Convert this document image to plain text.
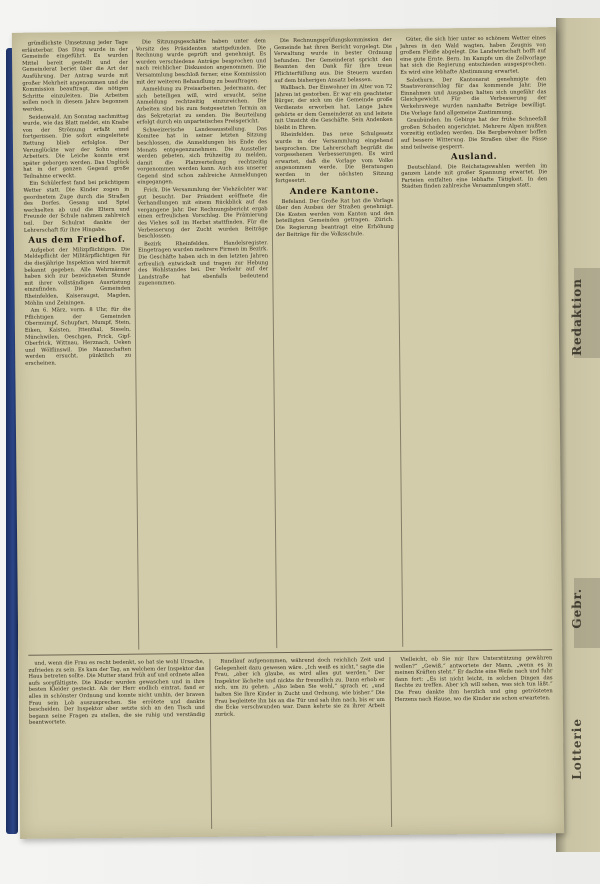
Redaktion
Gebr.
Lotterie

gründlichste Umsetzung jeder Tage erläuterbar. Das Ding wurde in der Gemeinde eingeführt. Es wurden Mittel bereit gestellt und der Gemeinderat beriet über die Art der Ausführung. Der Antrag wurde mit großer Mehrheit angenommen und die Kommission beauftragt, die nötigen Schritte einzuleiten. Die Arbeiten sollen noch in diesem Jahre begonnen werden.

Seidenwald. Am Sonntag nachmittag wurde, wie das Blatt meldet, ein Knabe von der Strömung erfaßt und fortgerissen. Die sofort eingeleitete Rettung blieb erfolglos. Der Verunglückte war der Sohn eines Arbeiters. Die Leiche konnte erst später geborgen werden. Das Unglück hat in der ganzen Gegend große Teilnahme erweckt.

Ein Schülerfest fand bei prächtigem Wetter statt. Die Kinder zogen in geordnetem Zuge durch die Straßen des Dorfes. Gesang und Spiel wechselten ab und die Eltern und Freunde der Schule nahmen zahlreich teil. Der Schulrat dankte der Lehrerschaft für ihre Hingabe.

Aus dem Friedhof.

Aufgebot der Milizpflichtigen. Die Meldepflicht der Militärpflichtigen für die diesjährige Inspektion wird hiermit bekannt gegeben. Alle Wehrmänner haben sich zur bezeichneten Stunde mit ihrer vollständigen Ausrüstung einzufinden. Die Gemeinden Rheinfelden, Kaiseraugst, Magden, Möhlin und Zeiningen.

Am 6. März, vorm. 8 Uhr, für die Pflichtigen der Gemeinden Obermumpf, Schupfart, Mumpf, Stein, Eiken, Kaisten, Ittenthal, Sisseln, Münchwilen, Oeschgen, Frick, Gipf-Oberfrick, Wittnau, Herznach, Ueken und Wölflinswil. Die Mannschaften werden ersucht, pünktlich zu erscheinen.

Die Sitzungsgeschäfte haben unter dem Vorsitz des Präsidenten stattgefunden. Die Rechnung wurde geprüft und genehmigt. Es wurden verschiedene Anträge besprochen und nach reichlicher Diskussion angenommen. Die Versammlung beschloß ferner, eine Kommission mit der weiteren Behandlung zu beauftragen.

Anmeldung zu Preisarbeiten. Jedermann, der sich beteiligen will, wird ersucht, seine Anmeldung rechtzeitig einzureichen. Die Arbeiten sind bis zum festgesetzten Termin an das Sekretariat zu senden. Die Beurteilung erfolgt durch ein unparteiisches Preisgericht.

Schweizerische Landesausstellung. Das Komitee hat in seiner letzten Sitzung beschlossen, die Anmeldungen bis Ende des Monats entgegenzunehmen. Die Aussteller werden gebeten, sich frühzeitig zu melden, damit die Platzverteilung rechtzeitig vorgenommen werden kann. Auch aus unserer Gegend sind schon zahlreiche Anmeldungen eingegangen.

Frick. Die Versammlung der Viehzüchter war gut besucht. Der Präsident eröffnete die Verhandlungen mit einem Rückblick auf das vergangene Jahr. Der Rechnungsbericht ergab einen erfreulichen Vorschlag. Die Prämierung des Viehes soll im Herbst stattfinden. Für die Verbesserung der Zucht wurden Beiträge beschlossen.

Bezirk Rheinfelden. Handelsregister. Eingetragen wurden mehrere Firmen im Bezirk. Die Geschäfte haben sich in den letzten Jahren erfreulich entwickelt und tragen zur Hebung des Wohlstandes bei. Der Verkehr auf der Landstraße hat ebenfalls bedeutend zugenommen.

Die Rechnungsprüfungskommission der Gemeinde hat ihren Bericht vorgelegt. Die Verwaltung wurde in bester Ordnung befunden. Der Gemeinderat spricht den Beamten den Dank für ihre treue Pflichterfüllung aus. Die Steuern wurden auf dem bisherigen Ansatz belassen.

Wallbach. Der Einwohner im Alter von 72 Jahren ist gestorben. Er war ein geachteter Bürger, der sich um die Gemeinde große Verdienste erworben hat. Lange Jahre gehörte er dem Gemeinderat an und leitete mit Umsicht die Geschäfte. Sein Andenken bleibt in Ehren.

Rheinfelden. Das neue Schulgesetz wurde in der Versammlung eingehend besprochen. Die Lehrerschaft begrüßt die vorgesehenen Verbesserungen. Es wird erwartet, daß die Vorlage vom Volke angenommen werde. Die Beratungen werden in der nächsten Sitzung fortgesetzt.

Andere Kantone.

Befeland. Der Große Rat hat die Vorlage über den Ausbau der Straßen genehmigt. Die Kosten werden vom Kanton und den beteiligten Gemeinden getragen. Zürich. Die Regierung beantragt eine Erhöhung der Beiträge für die Volksschule.

Güter, die sich hier unter so schönem Wetter eines Jahres in den Wald wagten, haben Zeugnis von großem Fleiße abgelegt. Die Landwirtschaft hofft auf eine gute Ernte. Bern. Im Kampfe um die Zollvorlage hat sich die Regierung entschieden ausgesprochen. Es wird eine lebhafte Abstimmung erwartet.

Solothurn. Der Kantonsrat genehmigte den Staatsvoranschlag für das kommende Jahr. Die Einnahmen und Ausgaben halten sich ungefähr das Gleichgewicht. Für die Verbesserung der Verkehrswege wurden namhafte Beträge bewilligt. Die Vorlage fand allgemeine Zustimmung.

Graubünden. Im Gebirge hat der frühe Schneefall großen Schaden angerichtet. Mehrere Alpen mußten vorzeitig entladen werden. Die Bergbewohner hoffen auf bessere Witterung. Die Straßen über die Pässe sind teilweise gesperrt.

Ausland.

Deutschland. Die Reichstagswahlen werden im ganzen Lande mit großer Spannung erwartet. Die Parteien entfalten eine lebhafte Tätigkeit. In den Städten finden zahlreiche Versammlungen statt.

und, wenn die Frau es recht bedenkt, so hat sie wohl Ursache, zufrieden zu sein. Es kam der Tag, an welchem der Inspektor das Haus betreten sollte. Die Mutter stand früh auf und ordnete alles aufs sorgfältigste. Die Kinder wurden gewaschen und in ihre besten Kleider gesteckt. Als der Herr endlich eintrat, fand er alles in schönster Ordnung und konnte nicht umhin, der braven Frau sein Lob auszusprechen. Sie errötete und dankte bescheiden. Der Inspektor aber setzte sich an den Tisch und begann seine Fragen zu stellen, die sie ruhig und verständig beantwortete.

Rundlauf aufgenommen, während doch reichlich Zeit und Gelegenheit dazu gewesen wäre. „Ich weiß es nicht,“ sagte die Frau, „aber ich glaube, es wird alles gut werden.“ Der Inspektor lächelte und nickte ihr freundlich zu. Dann erhob er sich, um zu gehen. „Also leben Sie wohl,“ sprach er, „und halten Sie Ihre Kinder in Zucht und Ordnung, wie bisher.“ Die Frau begleitete ihn bis an die Tür und sah ihm nach, bis er um die Ecke verschwunden war. Dann kehrte sie zu ihrer Arbeit zurück.

Vielleicht, ob Sie mir Ihre Unterstützung gewähren wollen?“ „Gewiß,“ antwortete der Mann, „wenn es in meinen Kräften steht.“ Er dachte eine Weile nach und fuhr dann fort: „Es ist nicht leicht, in solchen Dingen das Rechte zu treffen. Aber ich will sehen, was sich tun läßt.“ Die Frau dankte ihm herzlich und ging getrösteten Herzens nach Hause, wo die Kinder sie schon erwarteten.
